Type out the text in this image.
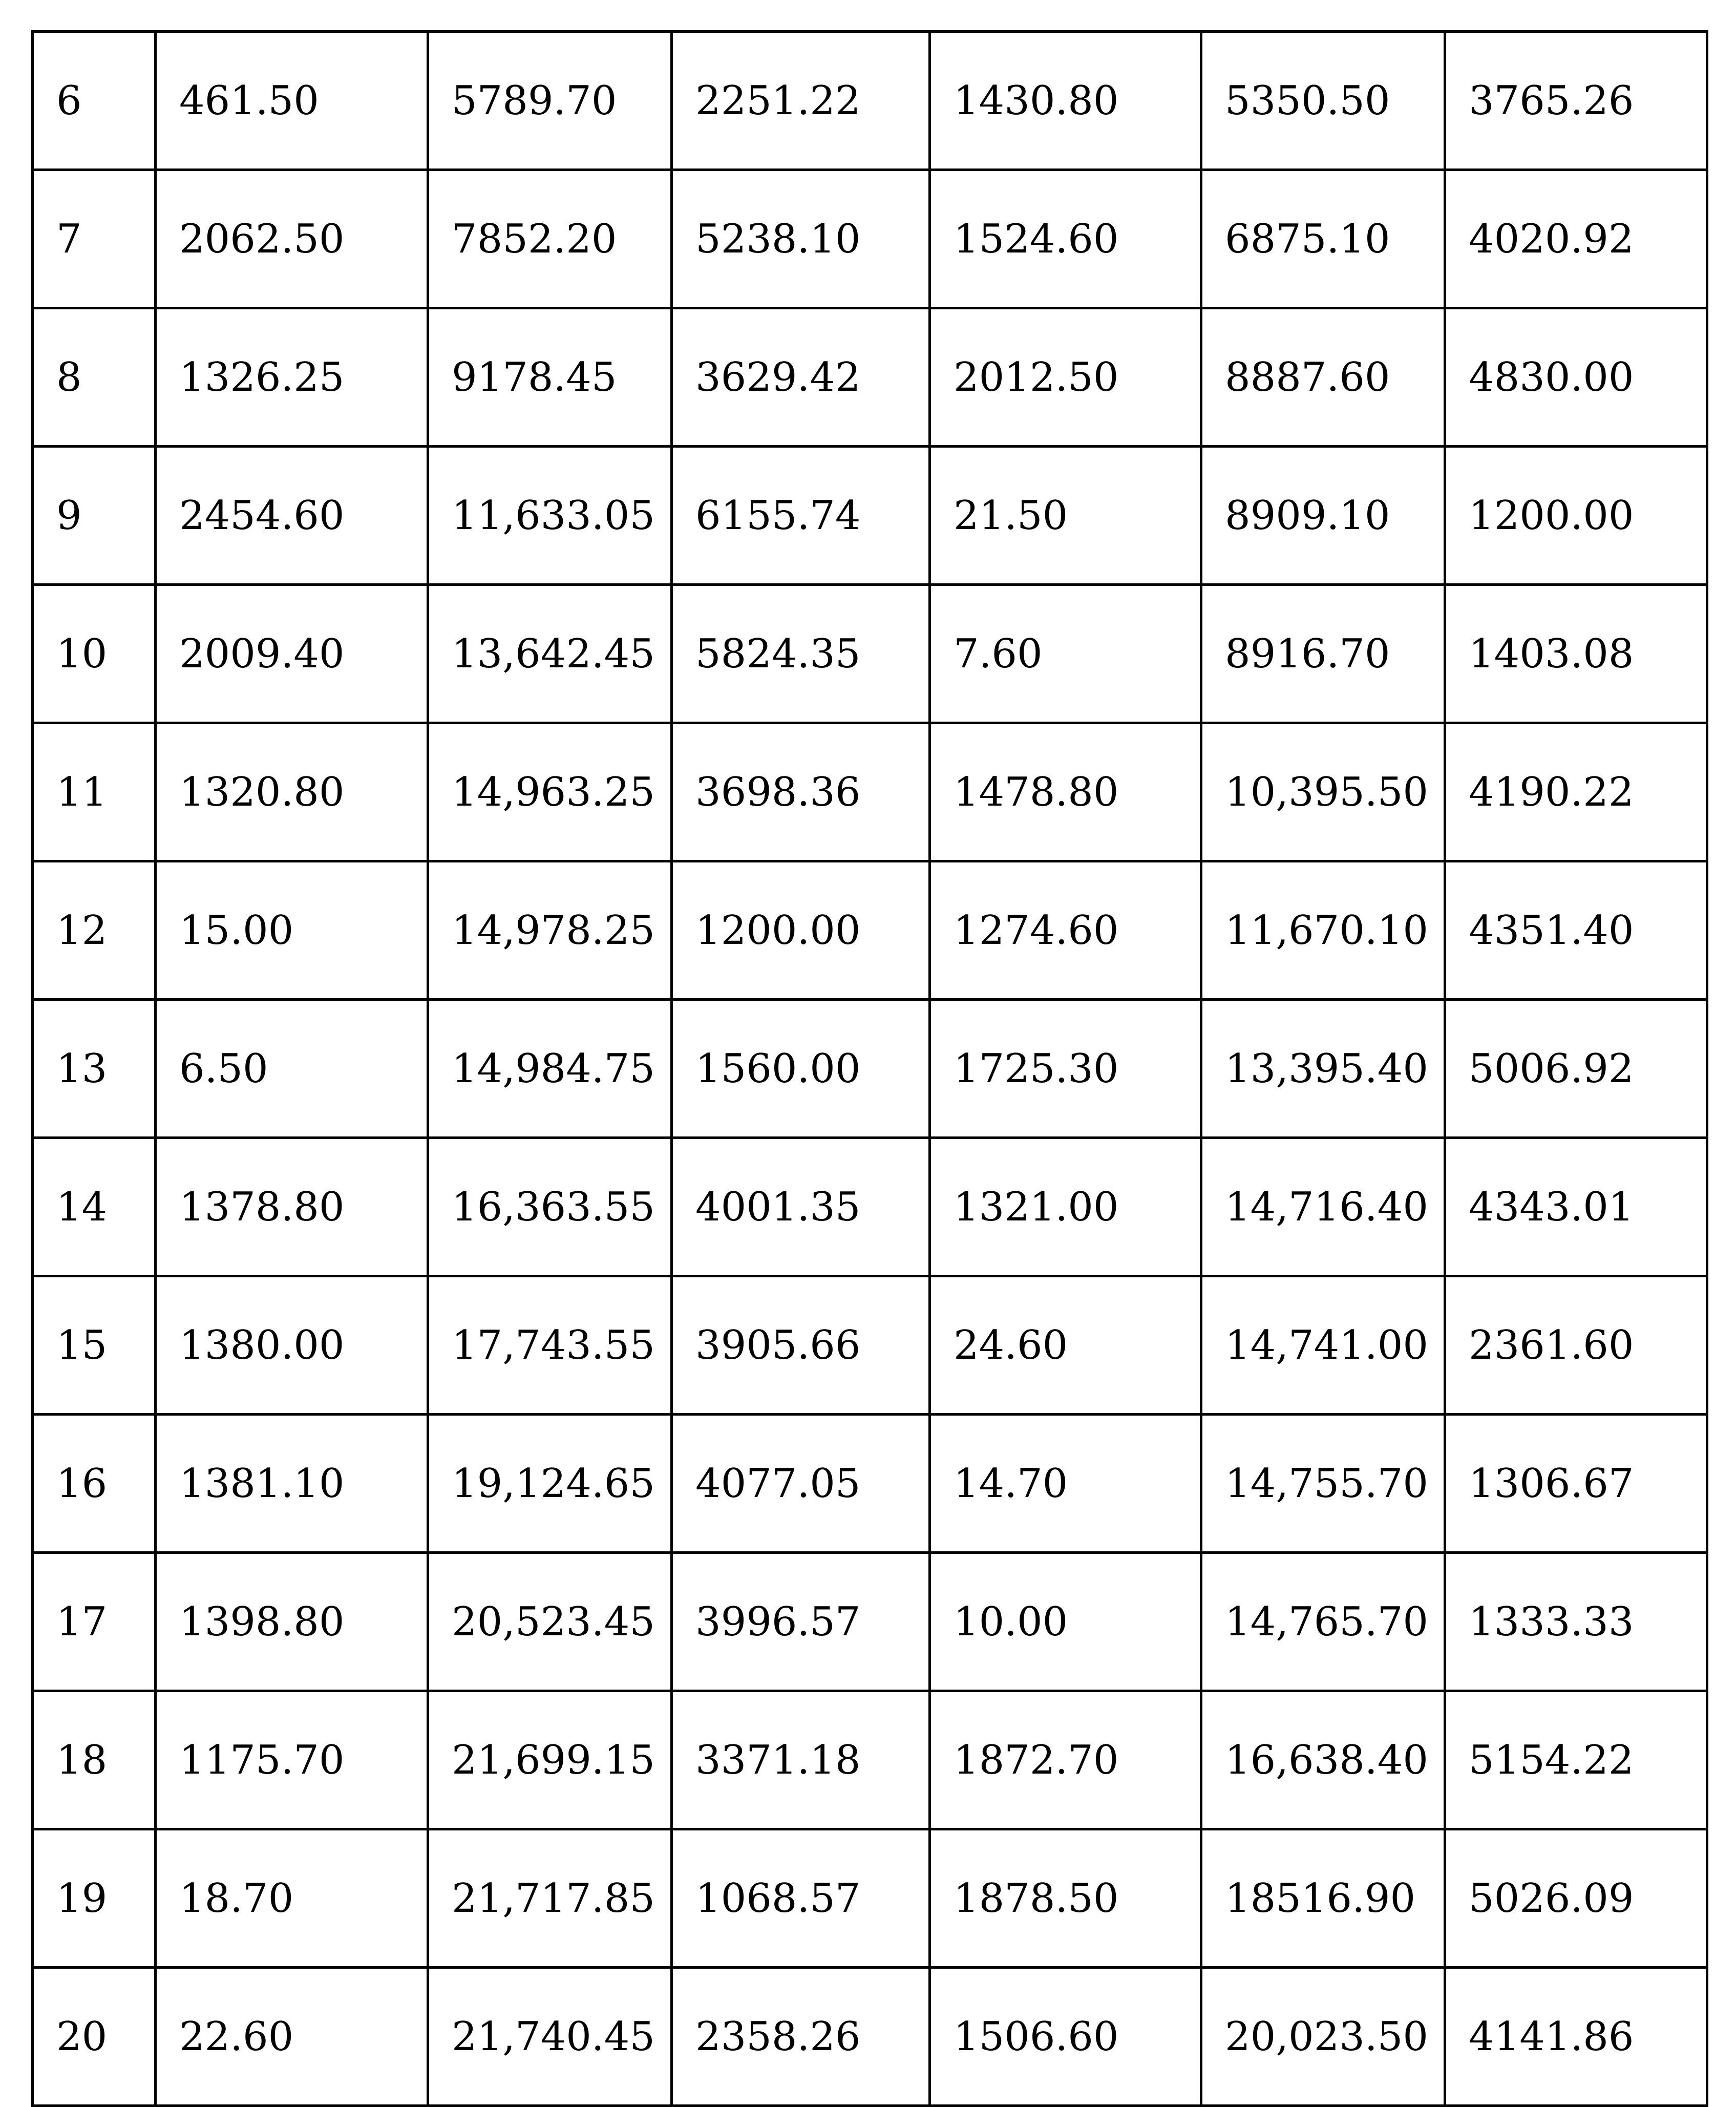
6	461.50	5789.70	2251.22	1430.80	5350.50	3765.26
7	2062.50	7852.20	5238.10	1524.60	6875.10	4020.92
8	1326.25	9178.45	3629.42	2012.50	8887.60	4830.00
9	2454.60	11,633.05	6155.74	21.50	8909.10	1200.00
10	2009.40	13,642.45	5824.35	7.60	8916.70	1403.08
11	1320.80	14,963.25	3698.36	1478.80	10,395.50	4190.22
12	15.00	14,978.25	1200.00	1274.60	11,670.10	4351.40
13	6.50	14,984.75	1560.00	1725.30	13,395.40	5006.92
14	1378.80	16,363.55	4001.35	1321.00	14,716.40	4343.01
15	1380.00	17,743.55	3905.66	24.60	14,741.00	2361.60
16	1381.10	19,124.65	4077.05	14.70	14,755.70	1306.67
17	1398.80	20,523.45	3996.57	10.00	14,765.70	1333.33
18	1175.70	21,699.15	3371.18	1872.70	16,638.40	5154.22
19	18.70	21,717.85	1068.57	1878.50	18516.90	5026.09
20	22.60	21,740.45	2358.26	1506.60	20,023.50	4141.86
